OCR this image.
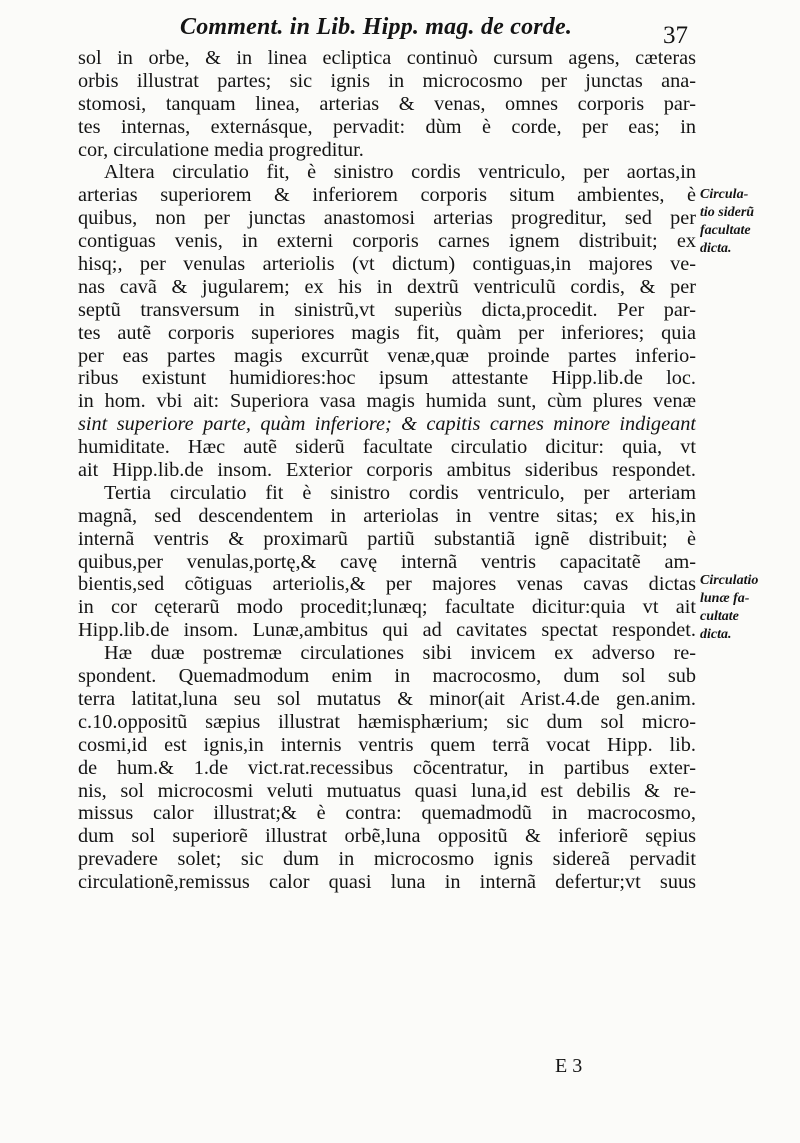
Comment. in Lib. Hipp. mag. de corde.	37
sol in orbe, & in linea ecliptica continuò cursum agens, cæteras
orbis illustrat partes; sic ignis in microcosmo per junctas ana-
stomosi, tanquam linea, arterias & venas, omnes corporis par-
tes internas, externásque, pervadit: dùm è corde, per eas; in
cor, circulatione media progreditur.
Altera circulatio fit, è sinistro cordis ventriculo, per aortas,in
arterias superiorem & inferiorem corporis situm ambientes, è
quibus, non per junctas anastomosi arterias progreditur, sed per
contiguas venis, in externi corporis carnes ignem distribuit; ex
hisq;, per venulas arteriolis (vt dictum) contiguas,in majores ve-
nas cavã & jugularem; ex his in dextrũ ventriculũ cordis, & per
septũ transversum in sinistrũ,vt superiùs dicta,procedit. Per par-
tes autẽ corporis superiores magis fit, quàm per inferiores; quia
per eas partes magis excurrũt venæ,quæ proinde partes inferio-
ribus existunt humidiores:hoc ipsum attestante Hipp.lib.de loc.
in hom. vbi ait: Superiora vasa magis humida sunt, cùm plures venæ
sint superiore parte, quàm inferiore; & capitis carnes minore indigeant
humiditate. Hæc autẽ siderũ facultate circulatio dicitur: quia, vt
ait Hipp.lib.de insom. Exterior corporis ambitus sideribus respondet.
Tertia circulatio fit è sinistro cordis ventriculo, per arteriam
magnã, sed descendentem in arteriolas in ventre sitas; ex his,in
internã ventris & proximarũ partiũ substantiã ignẽ distribuit; è
quibus,per venulas,portę,& cavę internã ventris capacitatẽ am-
bientis,sed cõtiguas arteriolis,& per majores venas cavas dictas
in cor cęterarũ modo procedit;lunæq; facultate dicitur:quia vt ait
Hipp.lib.de insom. Lunæ,ambitus qui ad cavitates spectat respondet.
Hæ duæ postremæ circulationes sibi invicem ex adverso re-
spondent. Quemadmodum enim in macrocosmo, dum sol sub
terra latitat,luna seu sol mutatus & minor(ait Arist.4.de gen.anim.
c.10.oppositũ sæpius illustrat hæmisphærium; sic dum sol micro-
cosmi,id est ignis,in internis ventris quem terrã vocat Hipp. lib.
de hum.& 1.de vict.rat.recessibus cõcentratur, in partibus exter-
nis, sol microcosmi veluti mutuatus quasi luna,id est debilis & re-
missus calor illustrat;& è contra: quemadmodũ in macrocosmo,
dum sol superiorẽ illustrat orbẽ,luna oppositũ & inferiorẽ sępius
prevadere solet; sic dum in microcosmo ignis sidereã pervadit
circulationẽ,remissus calor quasi luna in internã defertur;vt suus
Circula-
tio siderũ
facultate
dicta.
Circulatio
lunæ fa-
cultate
dicta.
E 3
